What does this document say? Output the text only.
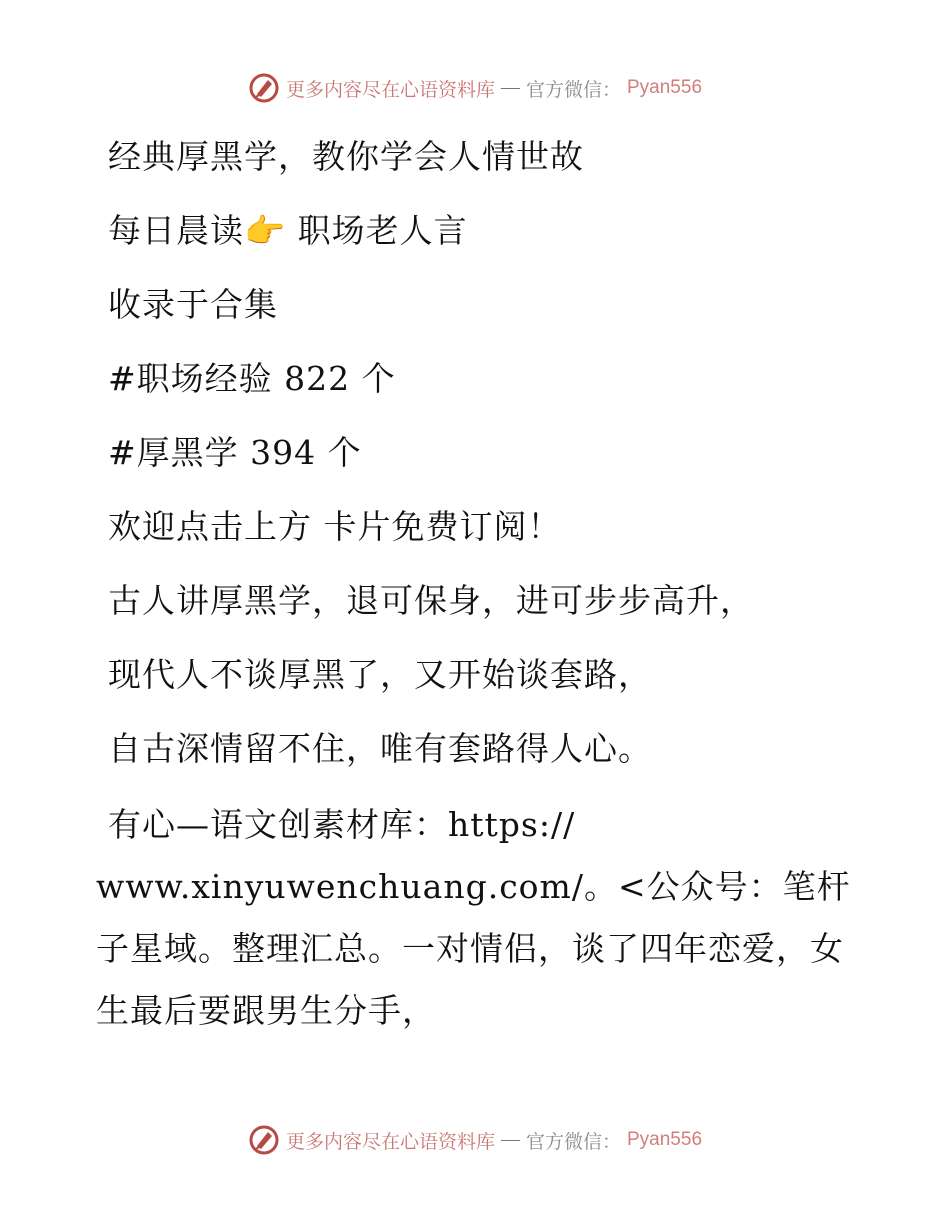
更多内容尽在心语资料库 — 官方微信： Pyan556
经典厚黑学，教你学会人情世故
每日晨读👉 职场老人言
收录于合集
#职场经验 822 个
#厚黑学 394 个
欢迎点击上方 卡片免费订阅！
古人讲厚黑学，退可保身，进可步步高升，
现代人不谈厚黑了，又开始谈套路，
自古深情留不住，唯有套路得人心。
有心—语文创素材库：https://
www.xinyuwenchuang.com/。<公众号：笔杆子星域。整理汇总。一对情侣，谈了四年恋爱，女生最后要跟男生分手，
更多内容尽在心语资料库 — 官方微信： Pyan556
